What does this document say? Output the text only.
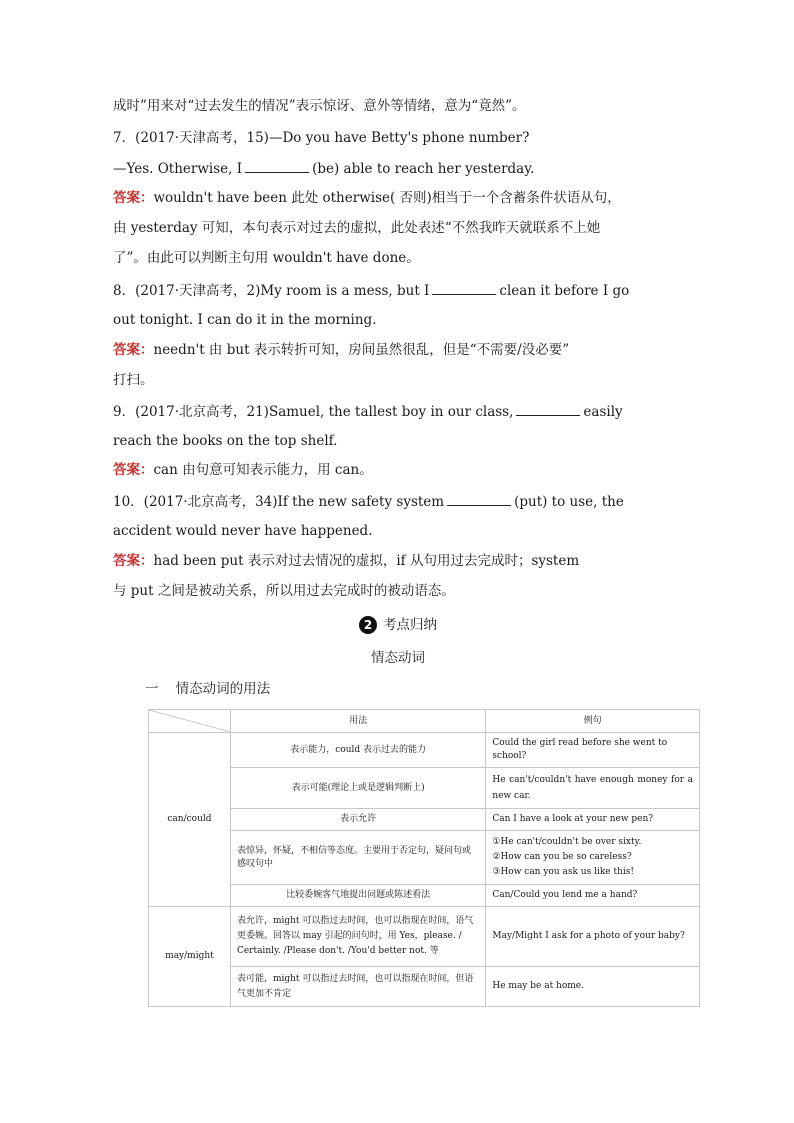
成时”用来对“过去发生的情况”表示惊讶、意外等情绪，意为“竟然”。
7．(2017·天津高考，15)—Do you have Betty's phone number?
—Yes. Otherwise, I	(be) able to reach her yesterday.
答案：wouldn't have been 此处 otherwise( 否则)相当于一个含蓄条件状语从句，
由 yesterday 可知，本句表示对过去的虚拟，此处表述“不然我昨天就联系不上她
了”。由此可以判断主句用 wouldn't have done。
8．(2017·天津高考，2)My room is a mess, but I	clean it before I go
out tonight. I can do it in the morning.
答案：needn't 由 but 表示转折可知，房间虽然很乱，但是“不需要/没必要”
打扫。
9．(2017·北京高考，21)Samuel, the tallest boy in our class,	easily
reach the books on the top shelf.
答案：can 由句意可知表示能力，用 can。
10．(2017·北京高考，34)If the new safety system	(put) to use, the
accident would never have happened.
答案：had been put 表示对过去情况的虚拟，if 从句用过去完成时；system
与 put 之间是被动关系，所以用过去完成时的被动语态。
2 考点归纳
情态动词
一    情态动词的用法
	用法	例句
can/could	表示能力，could 表示过去的能力	Could the girl read before she went to school?
	表示可能(理论上或是逻辑判断上)	He can't/couldn't have enough money for a new car.
	表示允许	Can I have a look at your new pen?
	表惊异，怀疑，不相信等态度。主要用于否定句，疑问句或感叹句中	①He can't/couldn't be over sixty.
②How can you be so careless?
③How can you ask us like this!
	比较委婉客气地提出问题或陈述看法	Can/Could you lend me a hand?
may/might	表允许，might 可以指过去时间，也可以指现在时间，语气更委婉。回答以 may 引起的问句时，用 Yes，please. / Certainly. /Please don't. /You'd better not. 等	May/Might I ask for a photo of your baby?
	表可能，might 可以指过去时间，也可以指现在时间，但语气更加不肯定	He may be at home.
